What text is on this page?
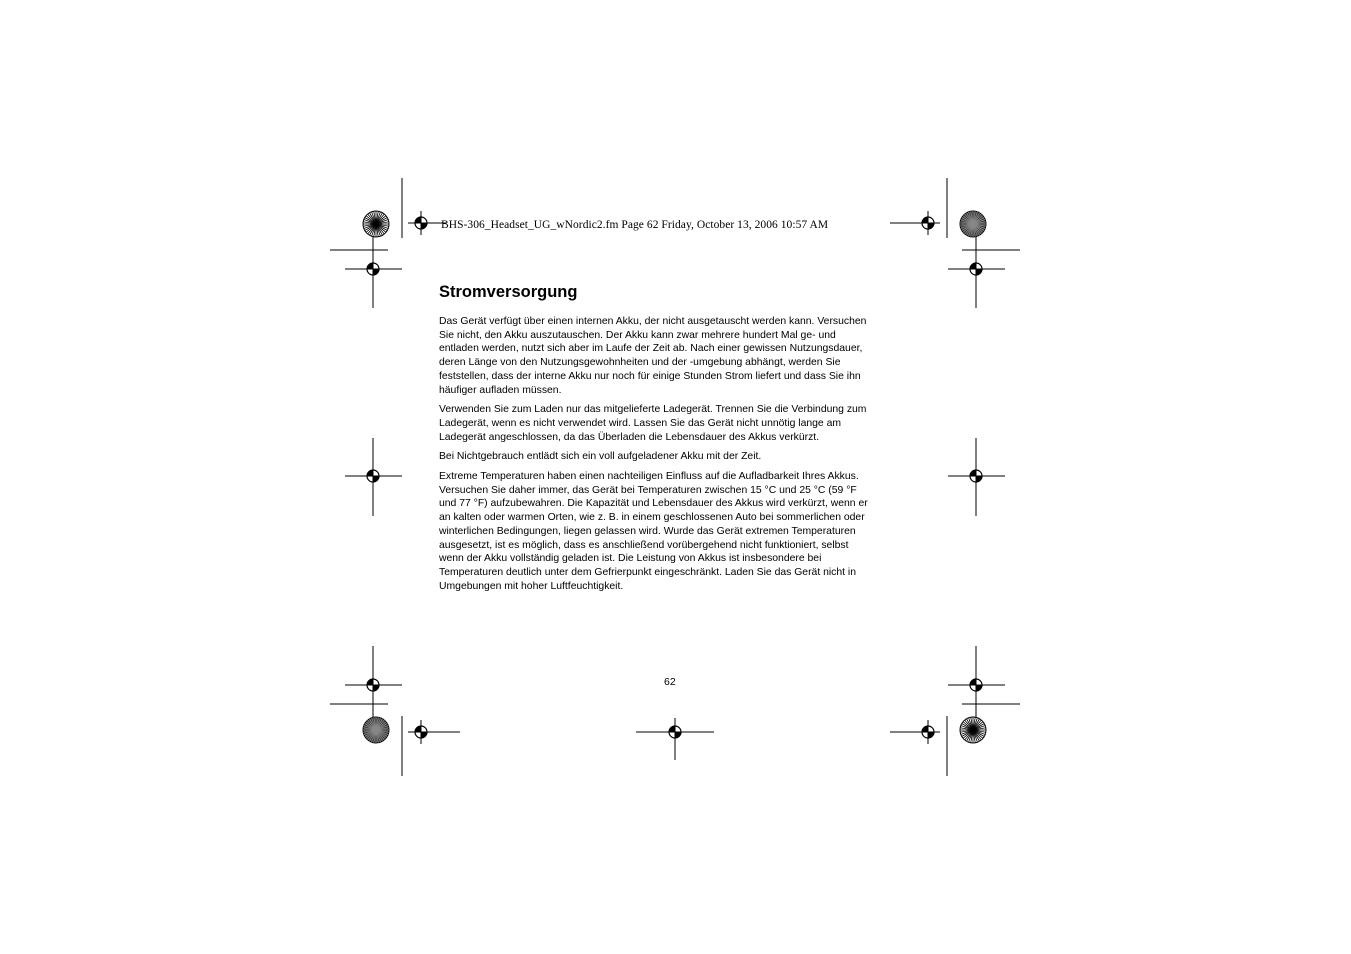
BHS-306_Headset_UG_wNordic2.fm Page 62 Friday, October 13, 2006 10:57 AM
Stromversorgung

Das Gerät verfügt über einen internen Akku, der nicht ausgetauscht werden kann. Versuchen
Sie nicht, den Akku auszutauschen. Der Akku kann zwar mehrere hundert Mal ge- und
entladen werden, nutzt sich aber im Laufe der Zeit ab. Nach einer gewissen Nutzungsdauer,
deren Länge von den Nutzungsgewohnheiten und der -umgebung abhängt, werden Sie
feststellen, dass der interne Akku nur noch für einige Stunden Strom liefert und dass Sie ihn
häufiger aufladen müssen.

Verwenden Sie zum Laden nur das mitgelieferte Ladegerät. Trennen Sie die Verbindung zum
Ladegerät, wenn es nicht verwendet wird. Lassen Sie das Gerät nicht unnötig lange am
Ladegerät angeschlossen, da das Überladen die Lebensdauer des Akkus verkürzt.

Bei Nichtgebrauch entlädt sich ein voll aufgeladener Akku mit der Zeit.

Extreme Temperaturen haben einen nachteiligen Einfluss auf die Aufladbarkeit Ihres Akkus.
Versuchen Sie daher immer, das Gerät bei Temperaturen zwischen 15 °C und 25 °C (59 °F
und 77 °F) aufzubewahren. Die Kapazität und Lebensdauer des Akkus wird verkürzt, wenn er
an kalten oder warmen Orten, wie z. B. in einem geschlossenen Auto bei sommerlichen oder
winterlichen Bedingungen, liegen gelassen wird. Wurde das Gerät extremen Temperaturen
ausgesetzt, ist es möglich, dass es anschließend vorübergehend nicht funktioniert, selbst
wenn der Akku vollständig geladen ist. Die Leistung von Akkus ist insbesondere bei
Temperaturen deutlich unter dem Gefrierpunkt eingeschränkt. Laden Sie das Gerät nicht in
Umgebungen mit hoher Luftfeuchtigkeit.

62
